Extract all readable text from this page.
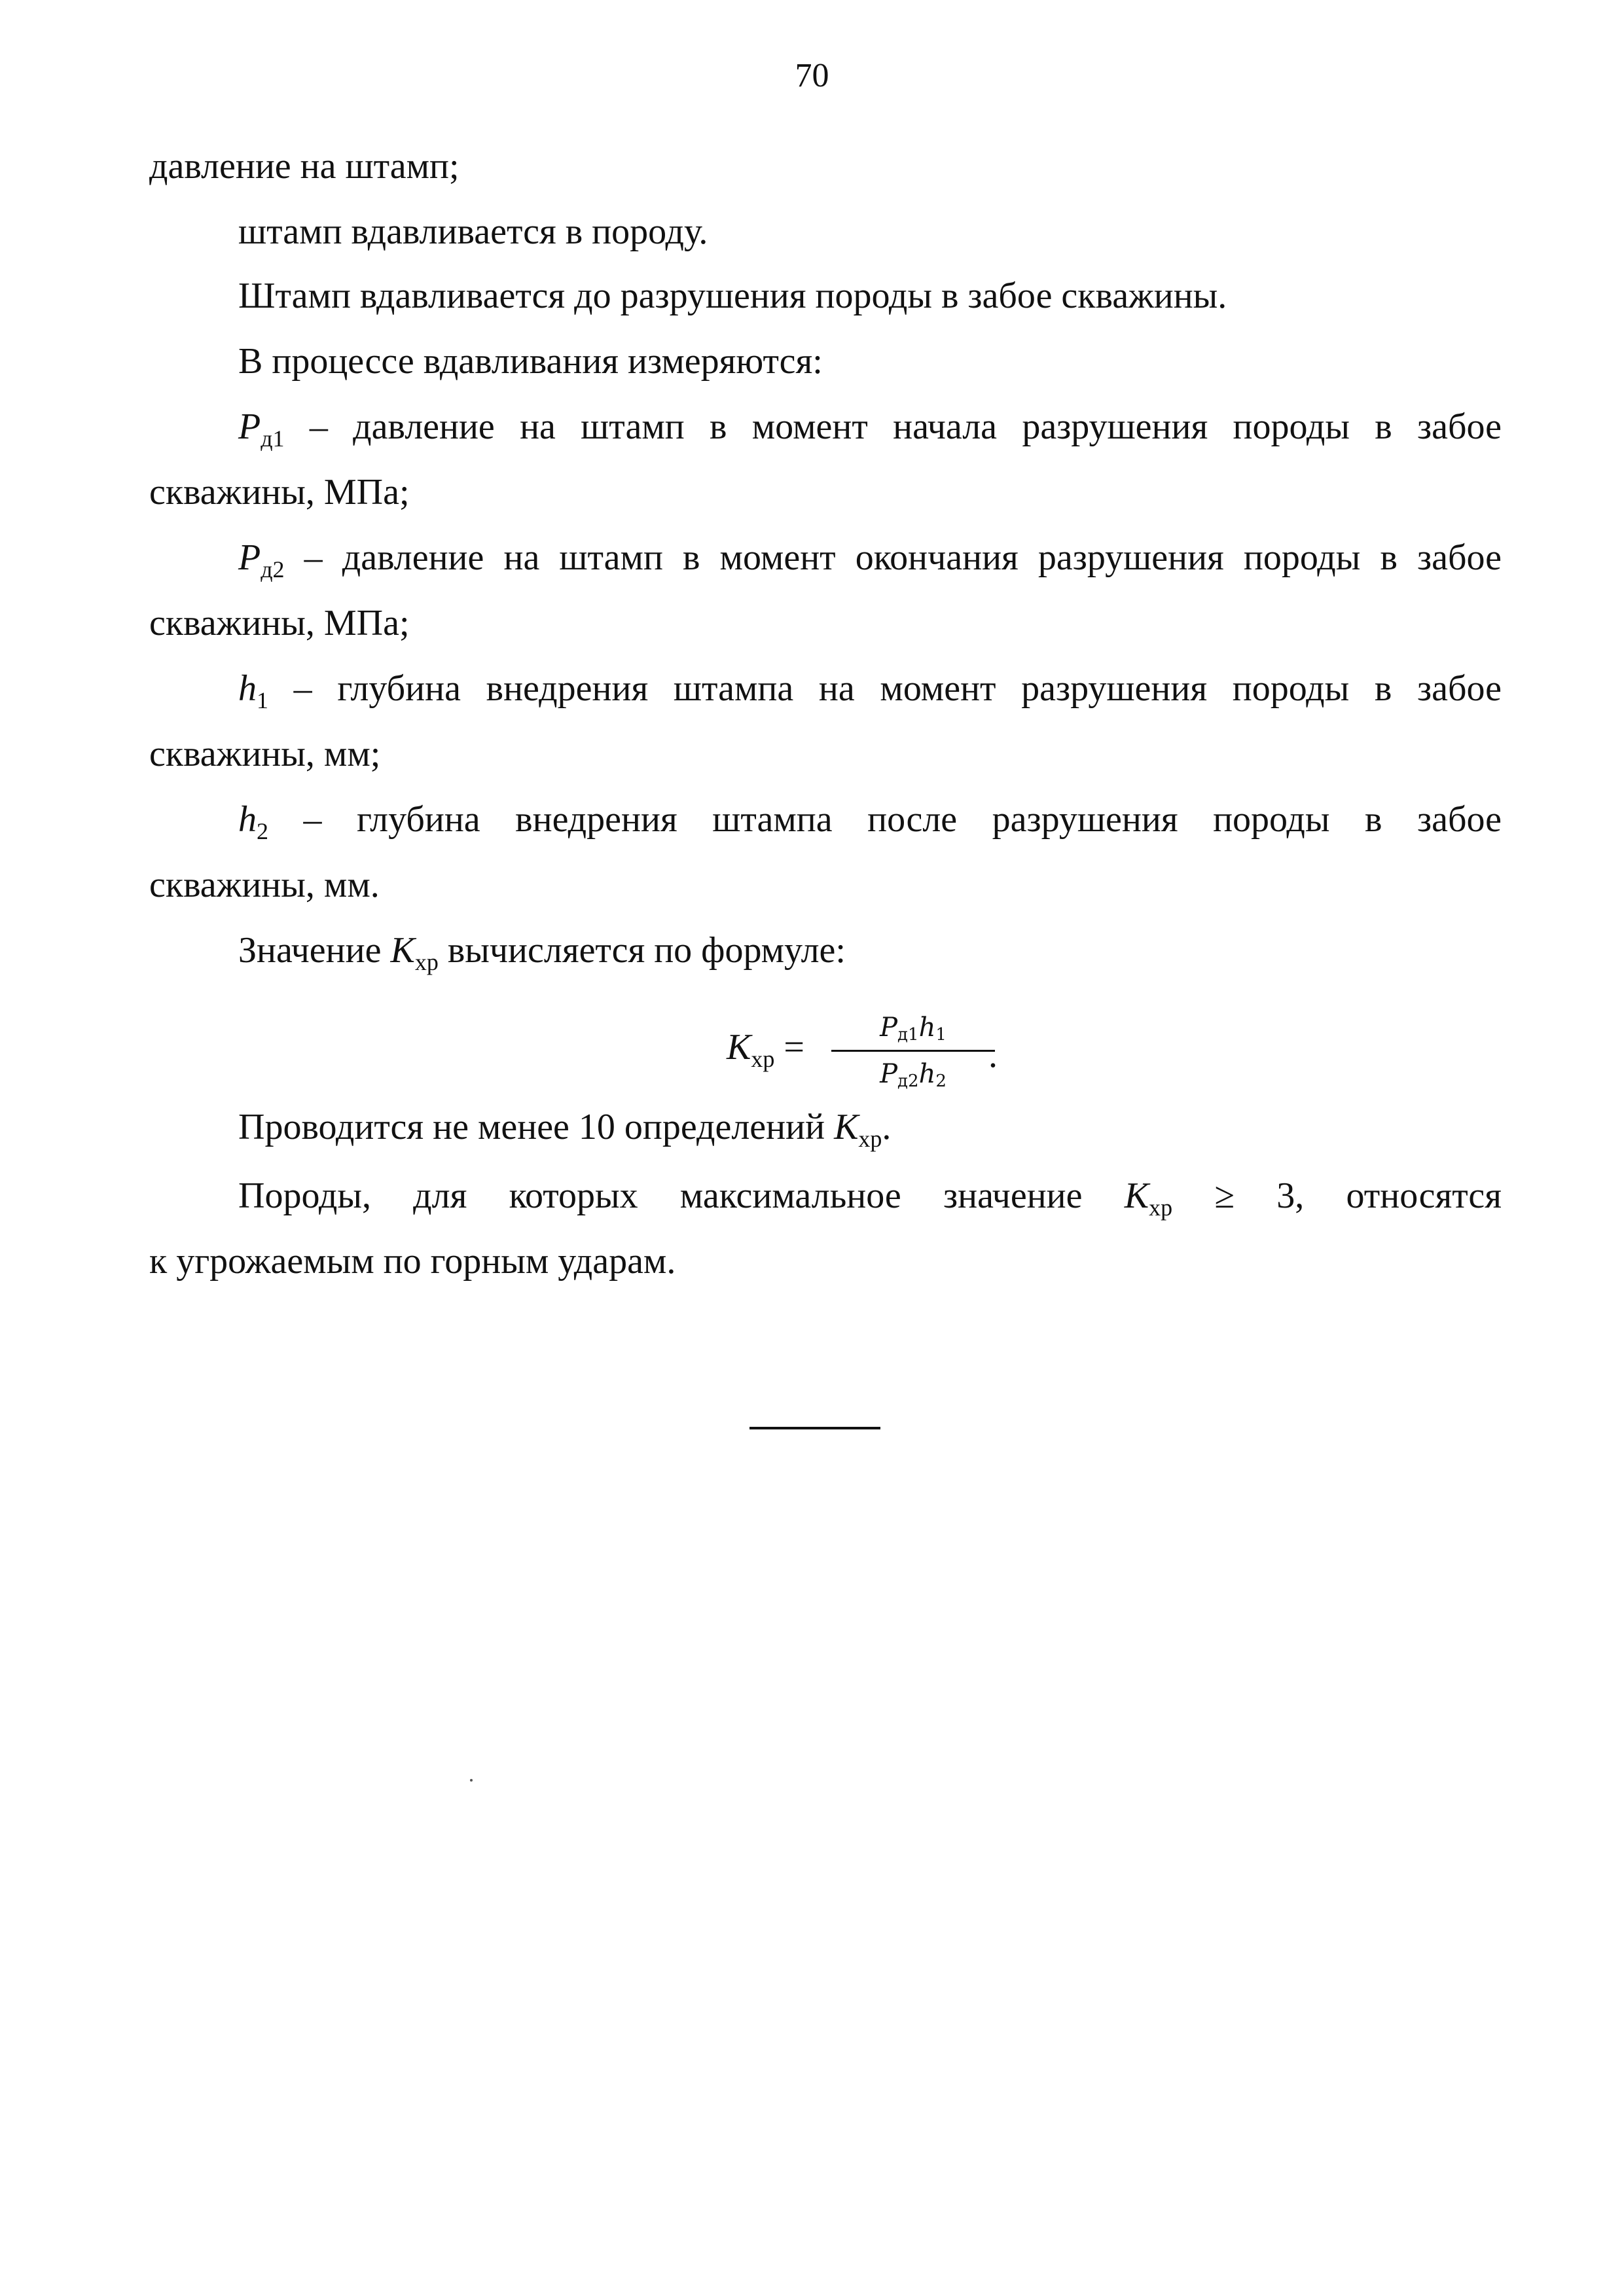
70
давление на штамп;
штамп вдавливается в породу.
Штамп вдавливается до разрушения породы в забое скважины.
В процессе вдавливания измеряются:
$P_{д1}$ – давление на штамп в момент начала разрушения породы в забое
скважины, МПа;
$P_{д2}$ – давление на штамп в момент окончания разрушения породы в забое
скважины, МПа;
$h_1$ – глубина внедрения штампа на момент разрушения породы в забое
скважины, мм;
$h_2$ – глубина внедрения штампа после разрушения породы в забое
скважины, мм.
Значение $K_{хр}$ вычисляется по формуле:
$K_{хр}$ =	Pд1h1
Pд2h2
.
Проводится не менее 10 определений $K_{хр}$.
Породы, для которых максимальное значение $K_{хр} \ge 3$, относятся
к угрожаемым по горным ударам.
